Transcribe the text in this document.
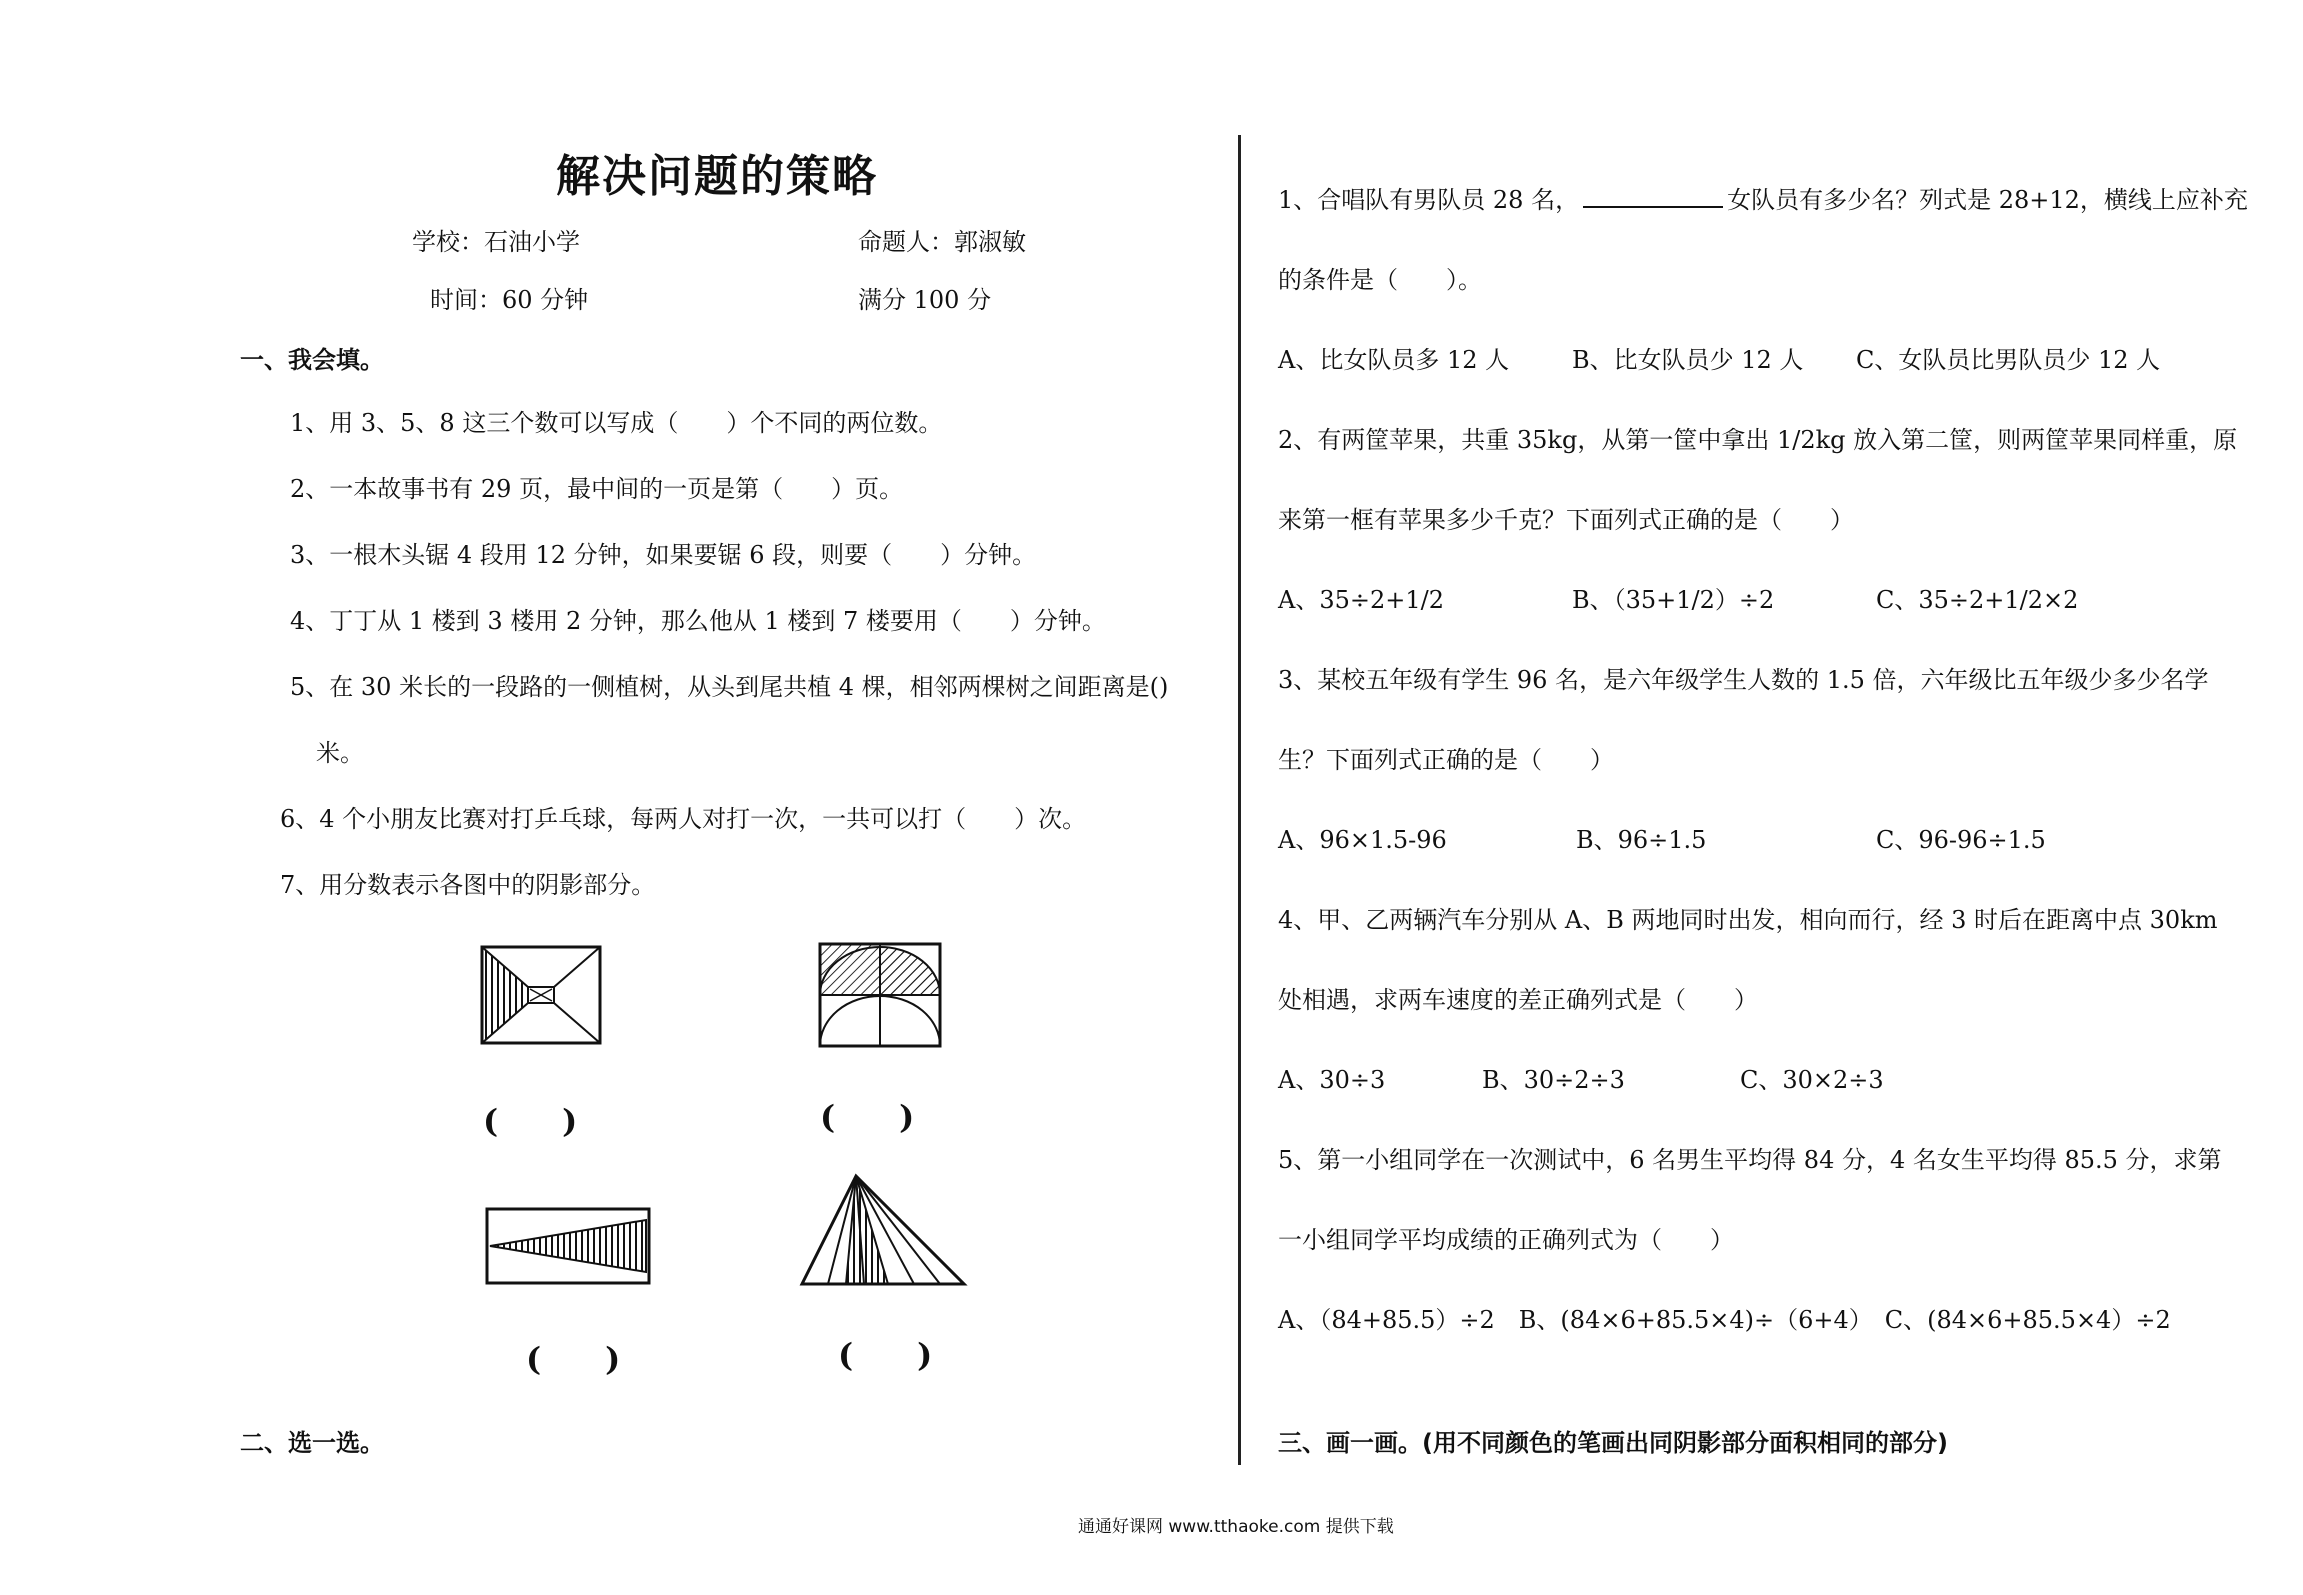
解决问题的策略
学校：石油小学	命题人：郭淑敏
时间：60 分钟	满分 100 分
一、我会填。
1、用 3、5、8 这三个数可以写成（　　）个不同的两位数。
2、一本故事书有 29 页，最中间的一页是第（　　）页。
3、一根木头锯 4 段用 12 分钟，如果要锯 6 段，则要（　　）分钟。
4、丁丁从 1 楼到 3 楼用 2 分钟，那么他从 1 楼到 7 楼要用（　　）分钟。
5、在 30 米长的一段路的一侧植树，从头到尾共植 4 棵，相邻两棵树之间距离是()
米。
6、4 个小朋友比赛对打乒乓球，每两人对打一次，一共可以打（　　）次。
7、用分数表示各图中的阴影部分。
(　　)	(　　)
(　　)	(　　)
二、选一选。
1、合唱队有男队员 28 名，	女队员有多少名？列式是 28+12，横线上应补充
的条件是（　　）。
A、比女队员多 12 人	B、比女队员少 12 人 C、女队员比男队员少 12 人
2、有两筐苹果，共重 35kg，从第一筐中拿出 1/2kg 放入第二筐，则两筐苹果同样重，原
来第一框有苹果多少千克？下面列式正确的是（　　）
A、35÷2+1/2	B、（35+1/2）÷2	C、35÷2+1/2×2
3、某校五年级有学生 96 名，是六年级学生人数的 1.5 倍，六年级比五年级少多少名学
生？下面列式正确的是（　　）
A、96×1.5-96	B、96÷1.5	C、96-96÷1.5
4、甲、乙两辆汽车分别从 A、B 两地同时出发，相向而行，经 3 时后在距离中点 30km
处相遇，求两车速度的差正确列式是（　　）
A、30÷3	B、30÷2÷3	C、30×2÷3
5、第一小组同学在一次测试中，6 名男生平均得 84 分，4 名女生平均得 85.5 分，求第
一小组同学平均成绩的正确列式为（　　）
A、（84+85.5）÷2　B、(84×6+85.5×4)÷（6+4）　C、(84×6+85.5×4）÷2
三、画一画。(用不同颜色的笔画出同阴影部分面积相同的部分)
通通好课网 www.tthaoke.com 提供下载
